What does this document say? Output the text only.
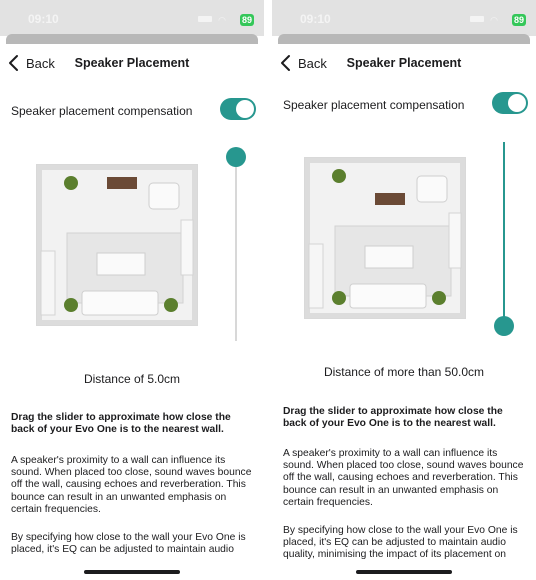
09:10	◠ 89
Back	Speaker Placement
Speaker placement compensation
Distance of 5.0cm
Drag the slider to approximate how close the back of your Evo One is to the nearest wall.
A speaker's proximity to a wall can influence its sound. When placed too close, sound waves bounce off the wall, causing echoes and reverberation. This bounce can result in an unwanted emphasis on certain frequencies.
By specifying how close to the wall your Evo One is placed, it's EQ can be adjusted to maintain audio
09:10	◠ 89
Back	Speaker Placement
Speaker placement compensation
Distance of more than 50.0cm
Drag the slider to approximate how close the back of your Evo One is to the nearest wall.
A speaker's proximity to a wall can influence its sound. When placed too close, sound waves bounce off the wall, causing echoes and reverberation. This bounce can result in an unwanted emphasis on certain frequencies.
By specifying how close to the wall your Evo One is placed, it's EQ can be adjusted to maintain audio quality, minimising the impact of its placement on
